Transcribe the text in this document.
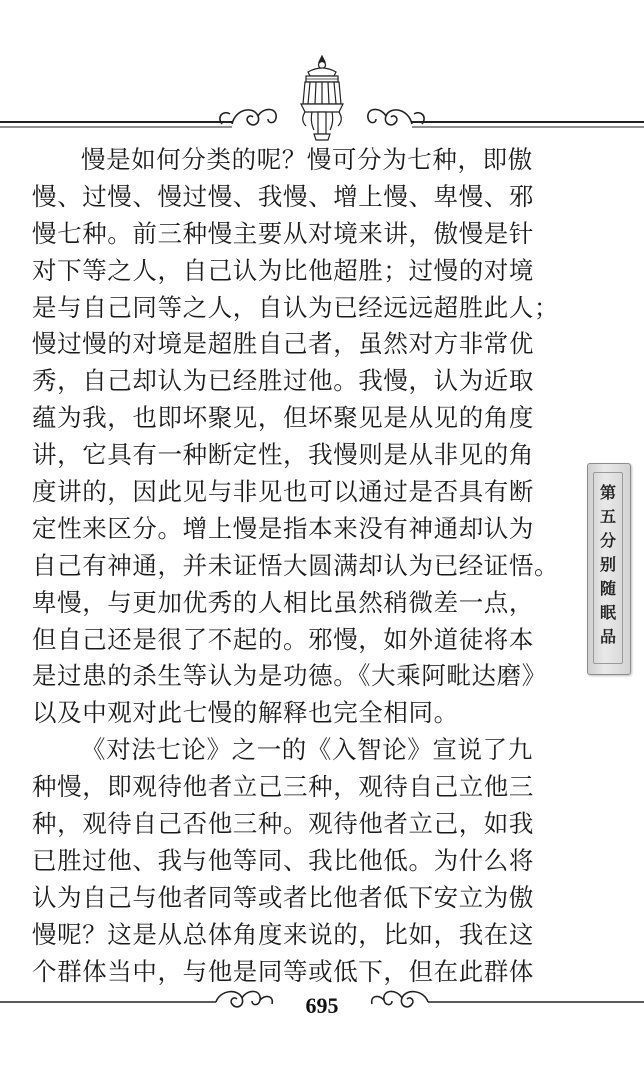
慢是如何分类的呢？慢可分为七种，即傲
慢、过慢、慢过慢、我慢、增上慢、卑慢、邪
慢七种。前三种慢主要从对境来讲，傲慢是针
对下等之人，自己认为比他超胜；过慢的对境
是与自己同等之人，自认为已经远远超胜此人；
慢过慢的对境是超胜自己者，虽然对方非常优
秀，自己却认为已经胜过他。我慢，认为近取
蕴为我，也即坏聚见，但坏聚见是从见的角度
讲，它具有一种断定性，我慢则是从非见的角
度讲的，因此见与非见也可以通过是否具有断
定性来区分。增上慢是指本来没有神通却认为
自己有神通，并未证悟大圆满却认为已经证悟。
卑慢，与更加优秀的人相比虽然稍微差一点，
但自己还是很了不起的。邪慢，如外道徒将本
是过患的杀生等认为是功德。《大乘阿毗达磨》
以及中观对此七慢的解释也完全相同。
《对法七论》之一的《入智论》宣说了九
种慢，即观待他者立己三种，观待自己立他三
种，观待自己否他三种。观待他者立己，如我
已胜过他、我与他等同、我比他低。为什么将
认为自己与他者同等或者比他者低下安立为傲
慢呢？这是从总体角度来说的，比如，我在这
个群体当中，与他是同等或低下，但在此群体
第
五
分
别
随
眠
品
695
